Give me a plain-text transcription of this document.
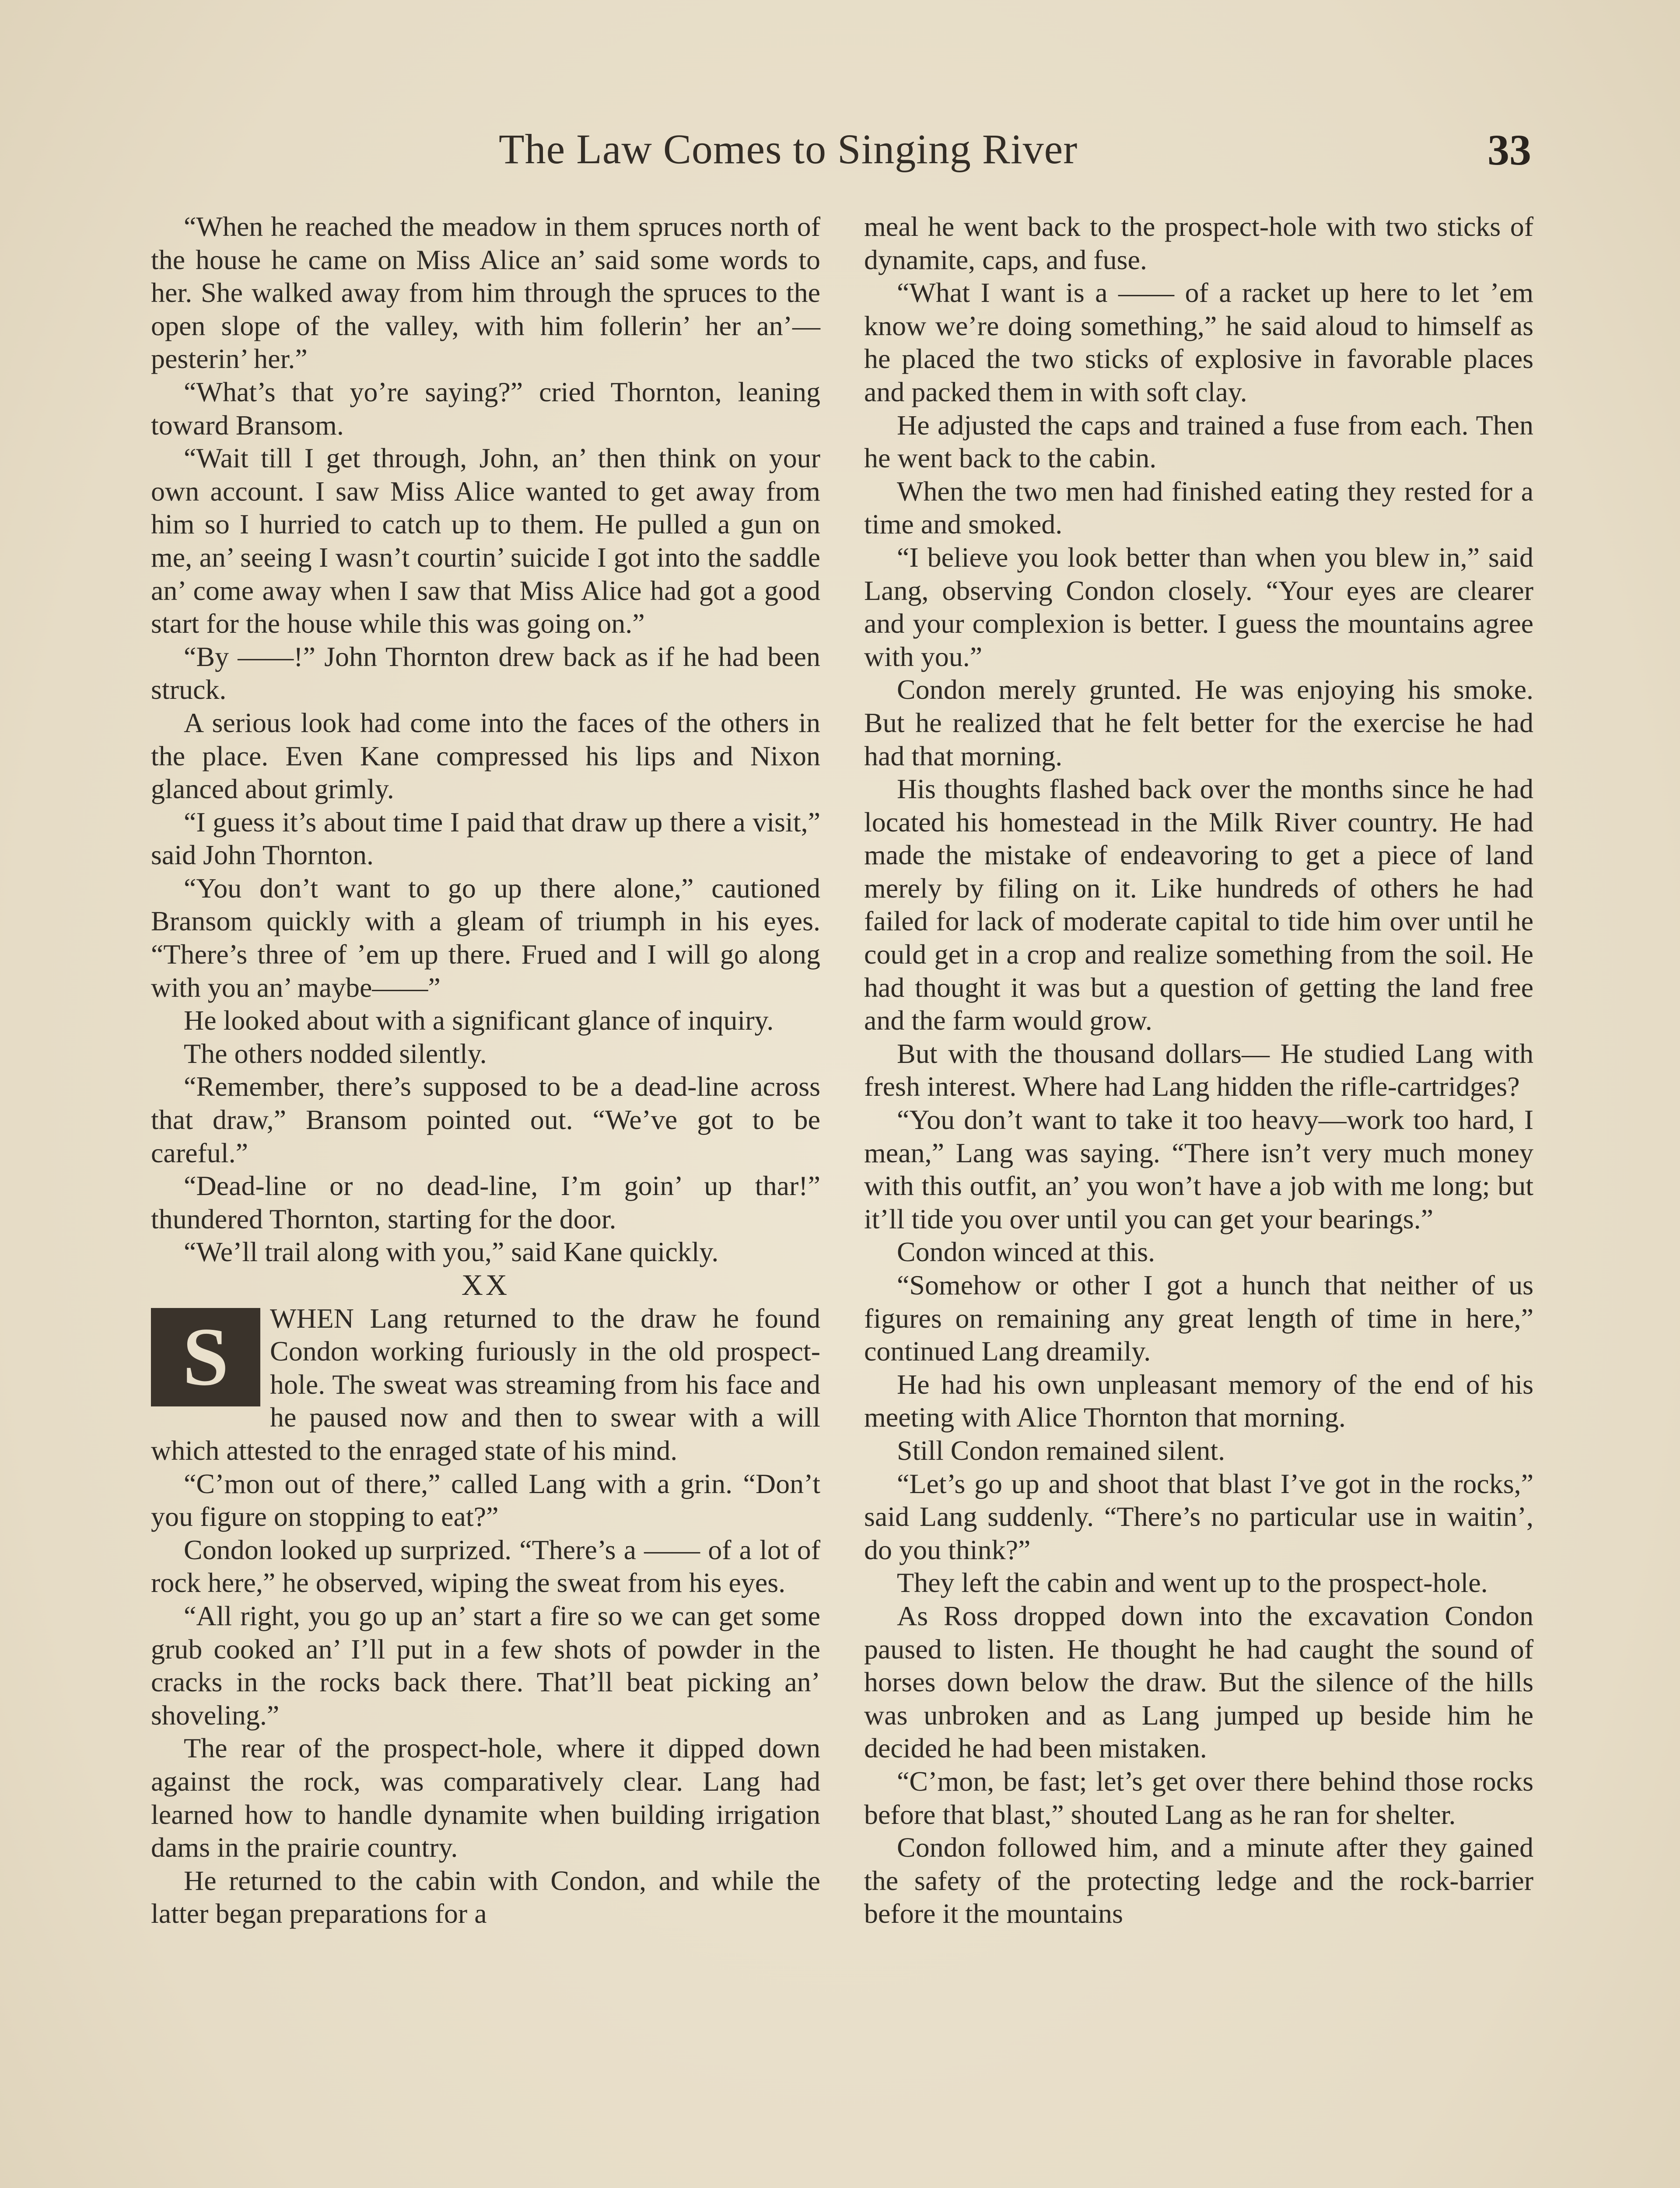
The Law Comes to Singing River	33

“When he reached the meadow in them spruces north of the house he came on Miss Alice an’ said some words to her. She walked away from him through the spruces to the open slope of the valley, with him follerin’ her an’—pesterin’ her.”

“What’s that yo’re saying?” cried Thornton, leaning toward Bransom.

“Wait till I get through, John, an’ then think on your own account. I saw Miss Alice wanted to get away from him so I hurried to catch up to them. He pulled a gun on me, an’ seeing I wasn’t courtin’ suicide I got into the saddle an’ come away when I saw that Miss Alice had got a good start for the house while this was going on.”

“By ——!” John Thornton drew back as if he had been struck.

A serious look had come into the faces of the others in the place. Even Kane compressed his lips and Nixon glanced about grimly.

“I guess it’s about time I paid that draw up there a visit,” said John Thornton.

“You don’t want to go up there alone,” cautioned Bransom quickly with a gleam of triumph in his eyes. “There’s three of ’em up there. Frued and I will go along with you an’ maybe——”

He looked about with a significant glance of inquiry.

The others nodded silently.

“Remember, there’s supposed to be a dead-line across that draw,” Bransom pointed out. “We’ve got to be careful.”

“Dead-line or no dead-line, I’m goin’ up thar!” thundered Thornton, starting for the door.

“We’ll trail along with you,” said Kane quickly.

XX

S	WHEN Lang returned to the draw he found Condon working furiously in the old prospect-hole. The sweat was streaming from his face and he paused now and then to swear with a will which attested to the enraged state of his mind.

“C’mon out of there,” called Lang with a grin. “Don’t you figure on stopping to eat?”

Condon looked up surprized. “There’s a —— of a lot of rock here,” he observed, wiping the sweat from his eyes.

“All right, you go up an’ start a fire so we can get some grub cooked an’ I’ll put in a few shots of powder in the cracks in the rocks back there. That’ll beat picking an’ shoveling.”

The rear of the prospect-hole, where it dipped down against the rock, was comparatively clear. Lang had learned how to handle dynamite when building irrigation dams in the prairie country.

He returned to the cabin with Condon, and while the latter began preparations for a

meal he went back to the prospect-hole with two sticks of dynamite, caps, and fuse.

“What I want is a —— of a racket up here to let ’em know we’re doing something,” he said aloud to himself as he placed the two sticks of explosive in favorable places and packed them in with soft clay.

He adjusted the caps and trained a fuse from each. Then he went back to the cabin.

When the two men had finished eating they rested for a time and smoked.

“I believe you look better than when you blew in,” said Lang, observing Condon closely. “Your eyes are clearer and your complexion is better. I guess the mountains agree with you.”

Condon merely grunted. He was enjoying his smoke. But he realized that he felt better for the exercise he had had that morning.

His thoughts flashed back over the months since he had located his homestead in the Milk River country. He had made the mistake of endeavoring to get a piece of land merely by filing on it. Like hundreds of others he had failed for lack of moderate capital to tide him over until he could get in a crop and realize something from the soil. He had thought it was but a question of getting the land free and the farm would grow.

But with the thousand dollars— He studied Lang with fresh interest. Where had Lang hidden the rifle-cartridges?

“You don’t want to take it too heavy—work too hard, I mean,” Lang was saying. “There isn’t very much money with this outfit, an’ you won’t have a job with me long; but it’ll tide you over until you can get your bearings.”

Condon winced at this.

“Somehow or other I got a hunch that neither of us figures on remaining any great length of time in here,” continued Lang dreamily.

He had his own unpleasant memory of the end of his meeting with Alice Thornton that morning.

Still Condon remained silent.

“Let’s go up and shoot that blast I’ve got in the rocks,” said Lang suddenly. “There’s no particular use in waitin’, do you think?”

They left the cabin and went up to the prospect-hole.

As Ross dropped down into the excavation Condon paused to listen. He thought he had caught the sound of horses down below the draw. But the silence of the hills was unbroken and as Lang jumped up beside him he decided he had been mistaken.

“C’mon, be fast; let’s get over there behind those rocks before that blast,” shouted Lang as he ran for shelter.

Condon followed him, and a minute after they gained the safety of the protecting ledge and the rock-barrier before it the mountains
